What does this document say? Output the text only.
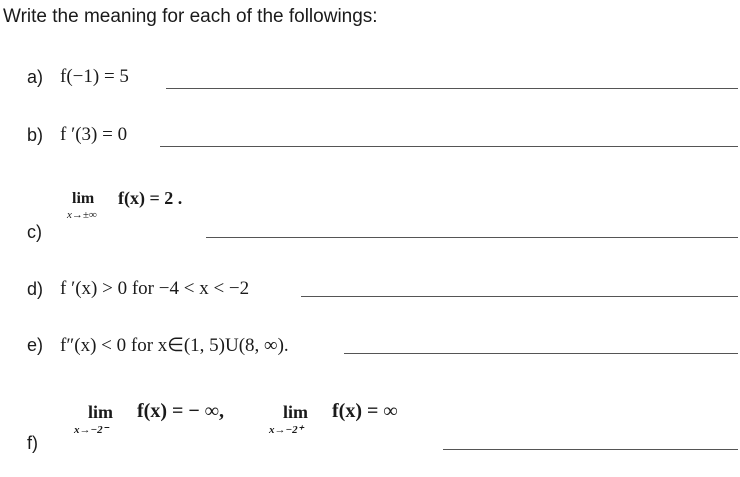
Write the meaning for each of the followings:
a) f(−1) = 5
b) f ′(3) = 0
lim
x→±∞
f(x) = 2 .
c)
d) f ′(x) > 0 for −4 < x < −2
e) f″(x) < 0 for x∈(1, 5)U(8, ∞).
lim
x→−2⁻
f(x) = − ∞,	lim
x→−2⁺
f(x) = ∞
f)
